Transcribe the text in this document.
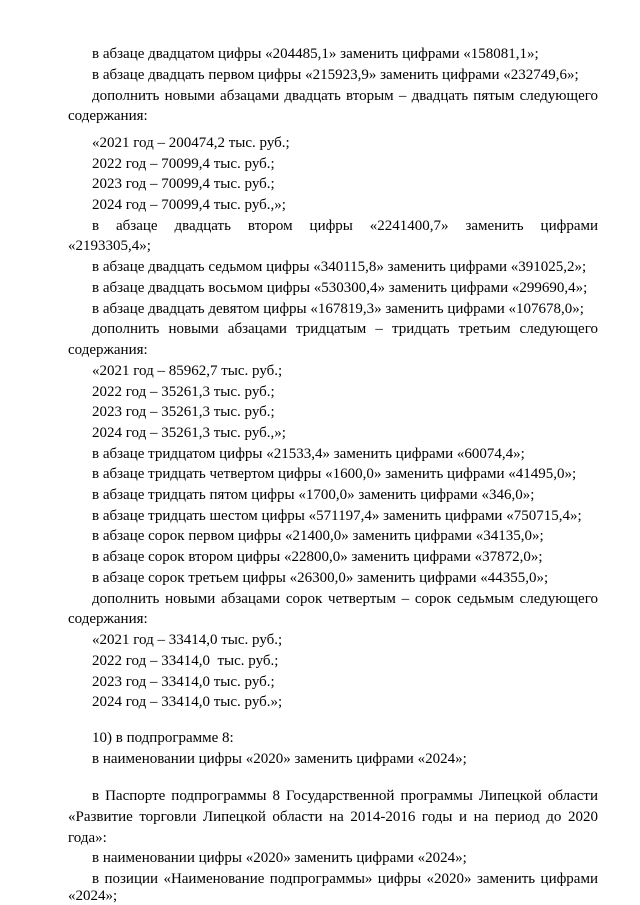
в абзаце двадцатом цифры «204485,1» заменить цифрами «158081,1»;
в абзаце двадцать первом цифры «215923,9» заменить цифрами «232749,6»;
дополнить новыми абзацами двадцать вторым – двадцать пятым следующего
содержания:
«2021 год – 200474,2 тыс. руб.;
2022 год – 70099,4 тыс. руб.;
2023 год – 70099,4 тыс. руб.;
2024 год – 70099,4 тыс. руб.,»;
в абзаце двадцать втором цифры «2241400,7» заменить цифрами
«2193305,4»;
в абзаце двадцать седьмом цифры «340115,8» заменить цифрами «391025,2»;
в абзаце двадцать восьмом цифры «530300,4» заменить цифрами «299690,4»;
в абзаце двадцать девятом цифры «167819,3» заменить цифрами «107678,0»;
дополнить новыми абзацами тридцатым – тридцать третьим следующего
содержания:
«2021 год – 85962,7 тыс. руб.;
2022 год – 35261,3 тыс. руб.;
2023 год – 35261,3 тыс. руб.;
2024 год – 35261,3 тыс. руб.,»;
в абзаце тридцатом цифры «21533,4» заменить цифрами «60074,4»;
в абзаце тридцать четвертом цифры «1600,0» заменить цифрами «41495,0»;
в абзаце тридцать пятом цифры «1700,0» заменить цифрами «346,0»;
в абзаце тридцать шестом цифры «571197,4» заменить цифрами «750715,4»;
в абзаце сорок первом цифры «21400,0» заменить цифрами «34135,0»;
в абзаце сорок втором цифры «22800,0» заменить цифрами «37872,0»;
в абзаце сорок третьем цифры «26300,0» заменить цифрами «44355,0»;
дополнить новыми абзацами сорок четвертым – сорок седьмым следующего
содержания:
«2021 год – 33414,0 тыс. руб.;
2022 год – 33414,0  тыс. руб.;
2023 год – 33414,0 тыс. руб.;
2024 год – 33414,0 тыс. руб.»;
10) в подпрограмме 8:
в наименовании цифры «2020» заменить цифрами «2024»;
в Паспорте подпрограммы 8 Государственной программы Липецкой области
«Развитие торговли Липецкой области на 2014-2016 годы и на период до 2020
года»:
в наименовании цифры «2020» заменить цифрами «2024»;
в позиции «Наименование подпрограммы» цифры «2020» заменить цифрами
«2024»;
